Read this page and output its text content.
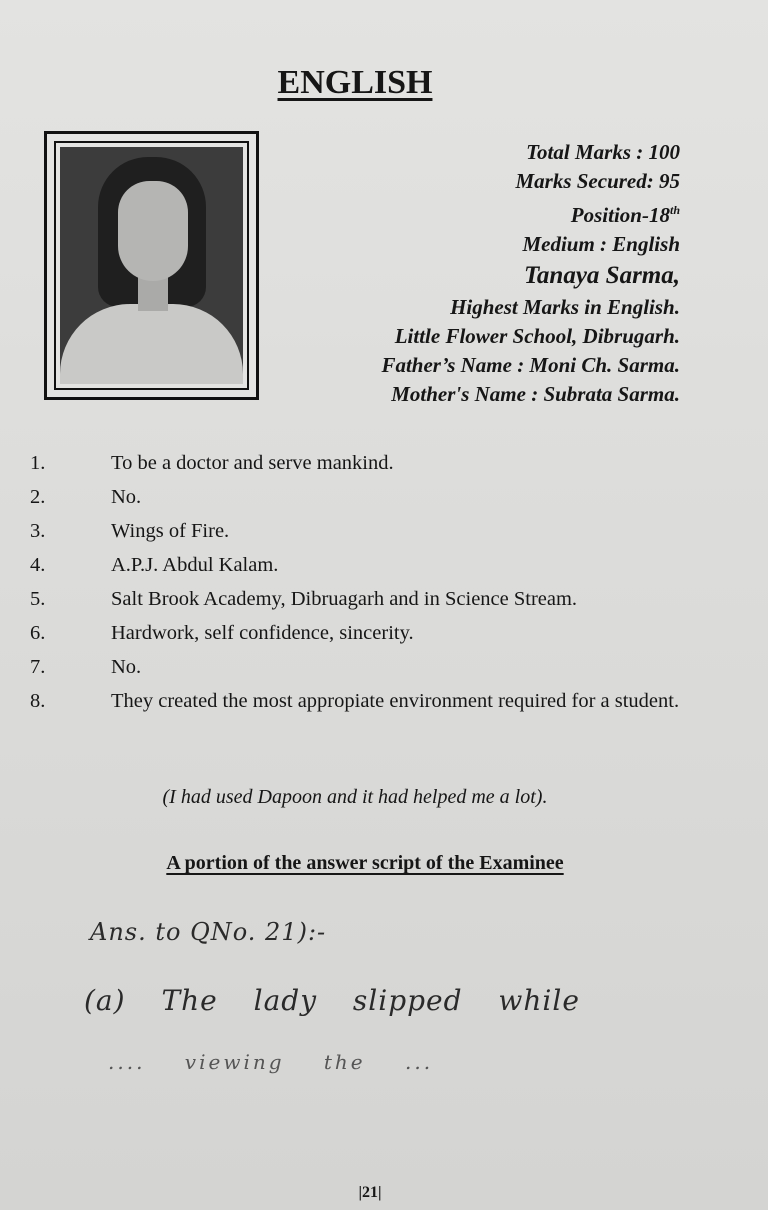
ENGLISH
Total Marks : 100
Marks Secured: 95
Position-18th
Medium : English
Tanaya Sarma,
Highest Marks in English.
Little Flower School, Dibrugarh.
Father’s Name : Moni Ch. Sarma.
Mother's Name : Subrata Sarma.
1.	To be a doctor and serve mankind.
2.	No.
3.	Wings of Fire.
4.	A.P.J. Abdul Kalam.
5.	Salt Brook Academy, Dibruagarh and in Science Stream.
6.	Hardwork, self confidence, sincerity.
7.	No.
8.	They created the most appropiate environment required for a student.
(I had used Dapoon and it had helped me a lot).
A portion of the answer script of the Examinee
Ans. to QNo. 21):-
(a) The lady slipped while
.... viewing the ...
|21|
